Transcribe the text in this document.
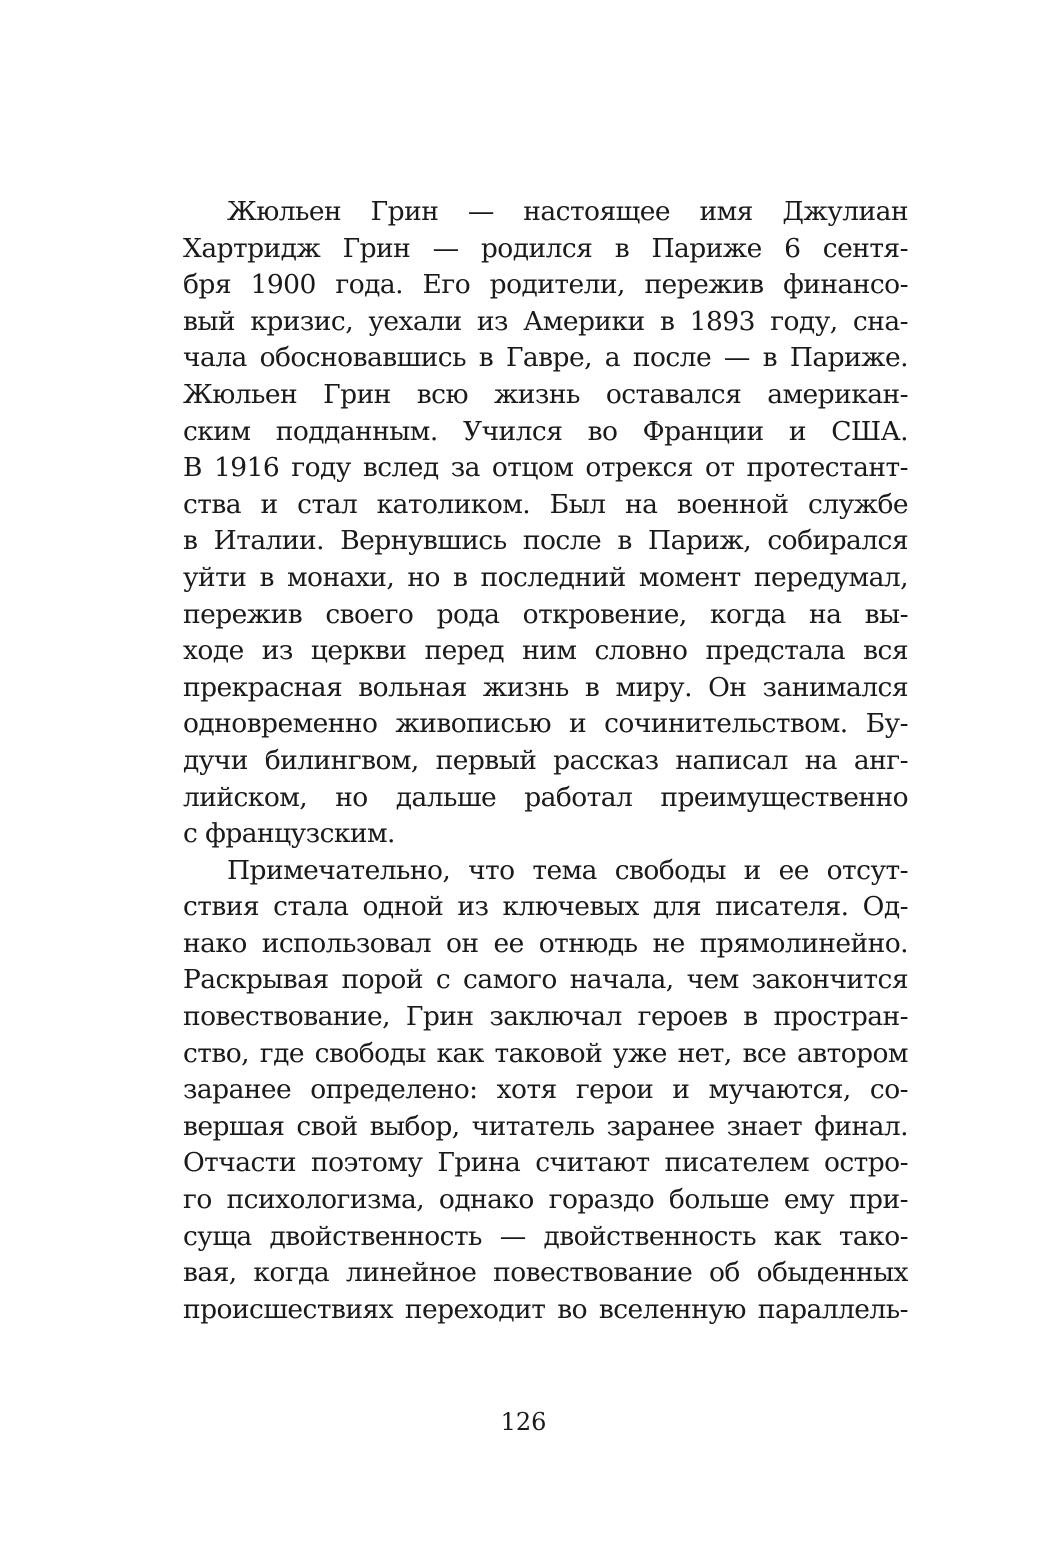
Жюльен Грин — настоящее имя Джулиан
Хартридж Грин — родился в Париже 6 сентя-
бря 1900 года. Его родители, пережив финансо-
вый кризис, уехали из Америки в 1893 году, сна-
чала обосновавшись в Гавре, а после — в Париже.
Жюльен Грин всю жизнь оставался американ-
ским подданным. Учился во Франции и США.
В 1916 году вслед за отцом отрекся от протестант-
ства и стал католиком. Был на военной службе
в Италии. Вернувшись после в Париж, собирался
уйти в монахи, но в последний момент передумал,
пережив своего рода откровение, когда на вы-
ходе из церкви перед ним словно предстала вся
прекрасная вольная жизнь в миру. Он занимался
одновременно живописью и сочинительством. Бу-
дучи билингвом, первый рассказ написал на анг-
лийском, но дальше работал преимущественно
с французским.
Примечательно, что тема свободы и ее отсут-
ствия стала одной из ключевых для писателя. Од-
нако использовал он ее отнюдь не прямолинейно.
Раскрывая порой с самого начала, чем закончится
повествование, Грин заключал героев в простран-
ство, где свободы как таковой уже нет, все автором
заранее определено: хотя герои и мучаются, со-
вершая свой выбор, читатель заранее знает финал.
Отчасти поэтому Грина считают писателем остро-
го психологизма, однако гораздо больше ему при-
суща двойственность — двойственность как тако-
вая, когда линейное повествование об обыденных
происшествиях переходит во вселенную параллель-
126
